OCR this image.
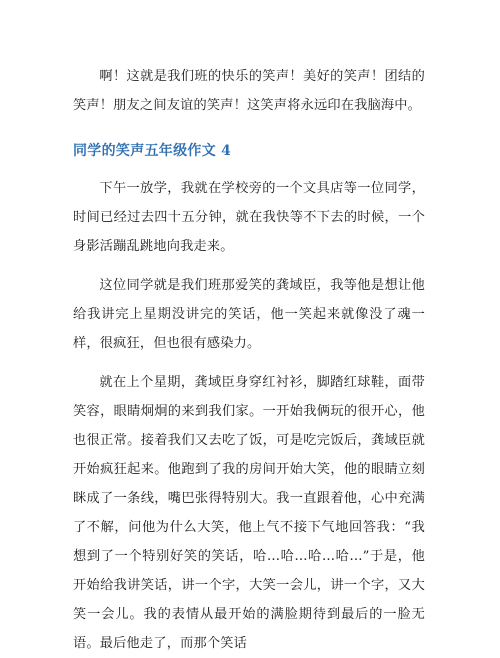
啊！这就是我们班的快乐的笑声！美好的笑声！团结的笑声！朋友之间友谊的笑声！这笑声将永远印在我脑海中。

同学的笑声五年级作文 4

下午一放学，我就在学校旁的一个文具店等一位同学，时间已经过去四十五分钟，就在我快等不下去的时候，一个身影活蹦乱跳地向我走来。

这位同学就是我们班那爱笑的龚域臣，我等他是想让他给我讲完上星期没讲完的笑话，他一笑起来就像没了魂一样，很疯狂，但也很有感染力。

就在上个星期，龚域臣身穿红衬衫，脚踏红球鞋，面带笑容，眼睛炯炯的来到我们家。一开始我俩玩的很开心，他也很正常。接着我们又去吃了饭，可是吃完饭后，龚域臣就开始疯狂起来。他跑到了我的房间开始大笑，他的眼睛立刻眯成了一条线，嘴巴张得特别大。我一直跟着他，心中充满了不解，问他为什么大笑，他上气不接下气地回答我：“我想到了一个特别好笑的笑话，哈...哈...哈...哈...”于是，他开始给我讲笑话，讲一个字，大笑一会儿，讲一个字，又大笑一会儿。我的表情从最开始的满脸期待到最后的一脸无语。最后他走了，而那个笑话
